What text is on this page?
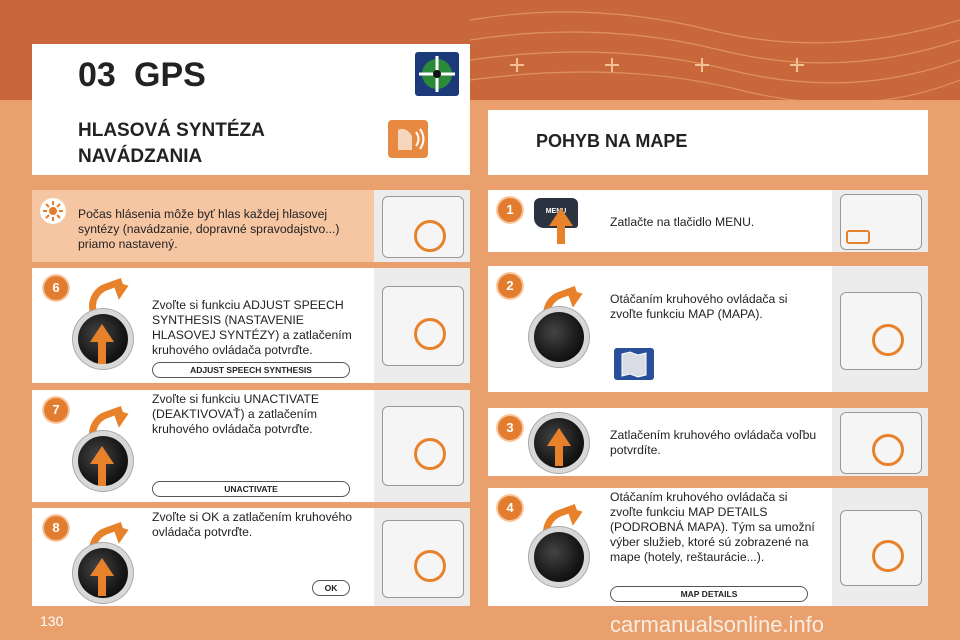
03 GPS
HLASOVÁ SYNTÉZA
NAVÁDZANIA
POHYB NA MAPE
Počas hlásenia môže byť hlas každej hlasovej syntézy (navádzanie, dopravné spravodajstvo...) priamo nastavený.
6
Zvoľte si funkciu ADJUST SPEECH SYNTHESIS (NASTAVENIE HLASOVEJ SYNTÉZY) a zatlačením kruhového ovládača potvrďte.
ADJUST SPEECH SYNTHESIS
7
Zvoľte si funkciu UNACTIVATE (DEAKTIVOVAŤ) a zatlačením kruhového ovládača potvrďte.
UNACTIVATE
8
Zvoľte si OK a zatlačením kruhového ovládača potvrďte.
OK
1	MENU
Zatlačte na tlačidlo MENU.
2
Otáčaním kruhového ovládača si zvoľte funkciu MAP (MAPA).
3	Zatlačením kruhového ovládača voľbu potvrdíte.
4
Otáčaním kruhového ovládača si zvoľte funkciu MAP DETAILS (PODROBNÁ MAPA). Tým sa umožní výber služieb, ktoré sú zobrazené na mape (hotely, reštaurácie...).
MAP DETAILS
130	carmanualsonline.info
